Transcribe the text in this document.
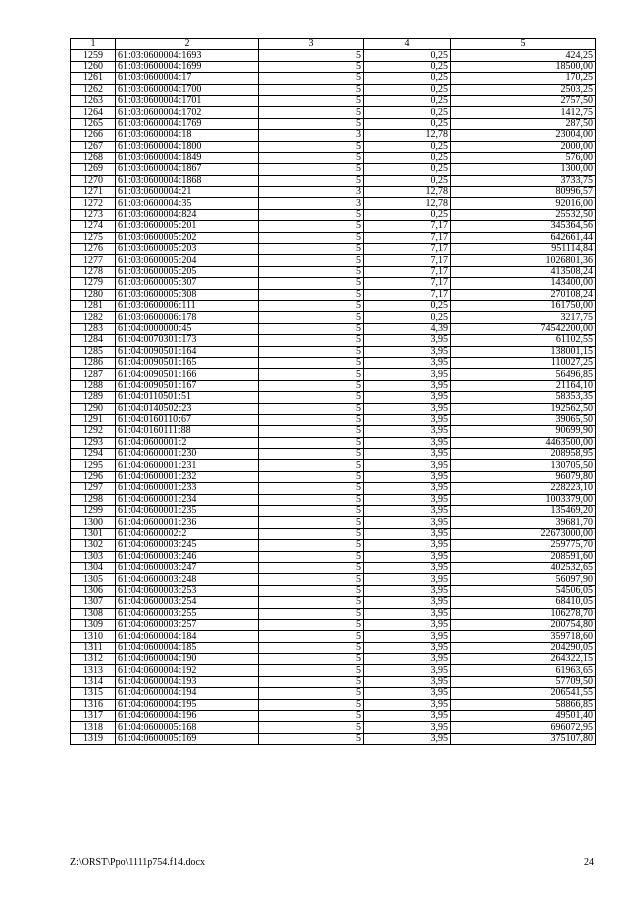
1	2	3	4	5
1259	61:03:0600004:1693	5	0,25	424,25
1260	61:03:0600004:1699	5	0,25	18500,00
1261	61:03:0600004:17	5	0,25	170,25
1262	61:03:0600004:1700	5	0,25	2503,25
1263	61:03:0600004:1701	5	0,25	2757,50
1264	61:03:0600004:1702	5	0,25	1412,75
1265	61:03:0600004:1769	5	0,25	287,50
1266	61:03:0600004:18	3	12,78	23004,00
1267	61:03:0600004:1800	5	0,25	2000,00
1268	61:03:0600004:1849	5	0,25	576,00
1269	61:03:0600004:1867	5	0,25	1300,00
1270	61:03:0600004:1868	5	0,25	3733,75
1271	61:03:0600004:21	3	12,78	80996,57
1272	61:03:0600004:35	3	12,78	92016,00
1273	61:03:0600004:824	5	0,25	25532,50
1274	61:03:0600005:201	5	7,17	345364,56
1275	61:03:0600005:202	5	7,17	642661,44
1276	61:03:0600005:203	5	7,17	951114,84
1277	61:03:0600005:204	5	7,17	1026801,36
1278	61:03:0600005:205	5	7,17	413508,24
1279	61:03:0600005:307	5	7,17	143400,00
1280	61:03:0600005:308	5	7,17	270108,24
1281	61:03:0600006:111	5	0,25	161750,00
1282	61:03:0600006:178	5	0,25	3217,75
1283	61:04:0000000:45	5	4,39	74542200,00
1284	61:04:0070301:173	5	3,95	61102,55
1285	61:04:0090501:164	5	3,95	138001,15
1286	61:04:0090501:165	5	3,95	110027,25
1287	61:04:0090501:166	5	3,95	56496,85
1288	61:04:0090501:167	5	3,95	21164,10
1289	61:04:0110501:51	5	3,95	58353,35
1290	61:04:0140502:23	5	3,95	192562,50
1291	61:04:0160110:67	5	3,95	39065,50
1292	61:04:0160111:88	5	3,95	90699,90
1293	61:04:0600001:2	5	3,95	4463500,00
1294	61:04:0600001:230	5	3,95	208958,95
1295	61:04:0600001:231	5	3,95	130705,50
1296	61:04:0600001:232	5	3,95	96079,80
1297	61:04:0600001:233	5	3,95	228223,10
1298	61:04:0600001:234	5	3,95	1003379,00
1299	61:04:0600001:235	5	3,95	135469,20
1300	61:04:0600001:236	5	3,95	39681,70
1301	61:04:0600002:2	5	3,95	22673000,00
1302	61:04:0600003:245	5	3,95	259775,70
1303	61:04:0600003:246	5	3,95	208591,60
1304	61:04:0600003:247	5	3,95	402532,65
1305	61:04:0600003:248	5	3,95	56097,90
1306	61:04:0600003:253	5	3,95	54506,05
1307	61:04:0600003:254	5	3,95	68410,05
1308	61:04:0600003:255	5	3,95	106278,70
1309	61:04:0600003:257	5	3,95	200754,80
1310	61:04:0600004:184	5	3,95	359718,60
1311	61:04:0600004:185	5	3,95	204290,05
1312	61:04:0600004:190	5	3,95	264322,15
1313	61:04:0600004:192	5	3,95	61963,65
1314	61:04:0600004:193	5	3,95	57709,50
1315	61:04:0600004:194	5	3,95	206541,55
1316	61:04:0600004:195	5	3,95	58866,85
1317	61:04:0600004:196	5	3,95	49501,40
1318	61:04:0600005:168	5	3,95	696072,95
1319	61:04:0600005:169	5	3,95	375107,80
Z:\ORST\Ppo\1111p754.f14.docx	24
